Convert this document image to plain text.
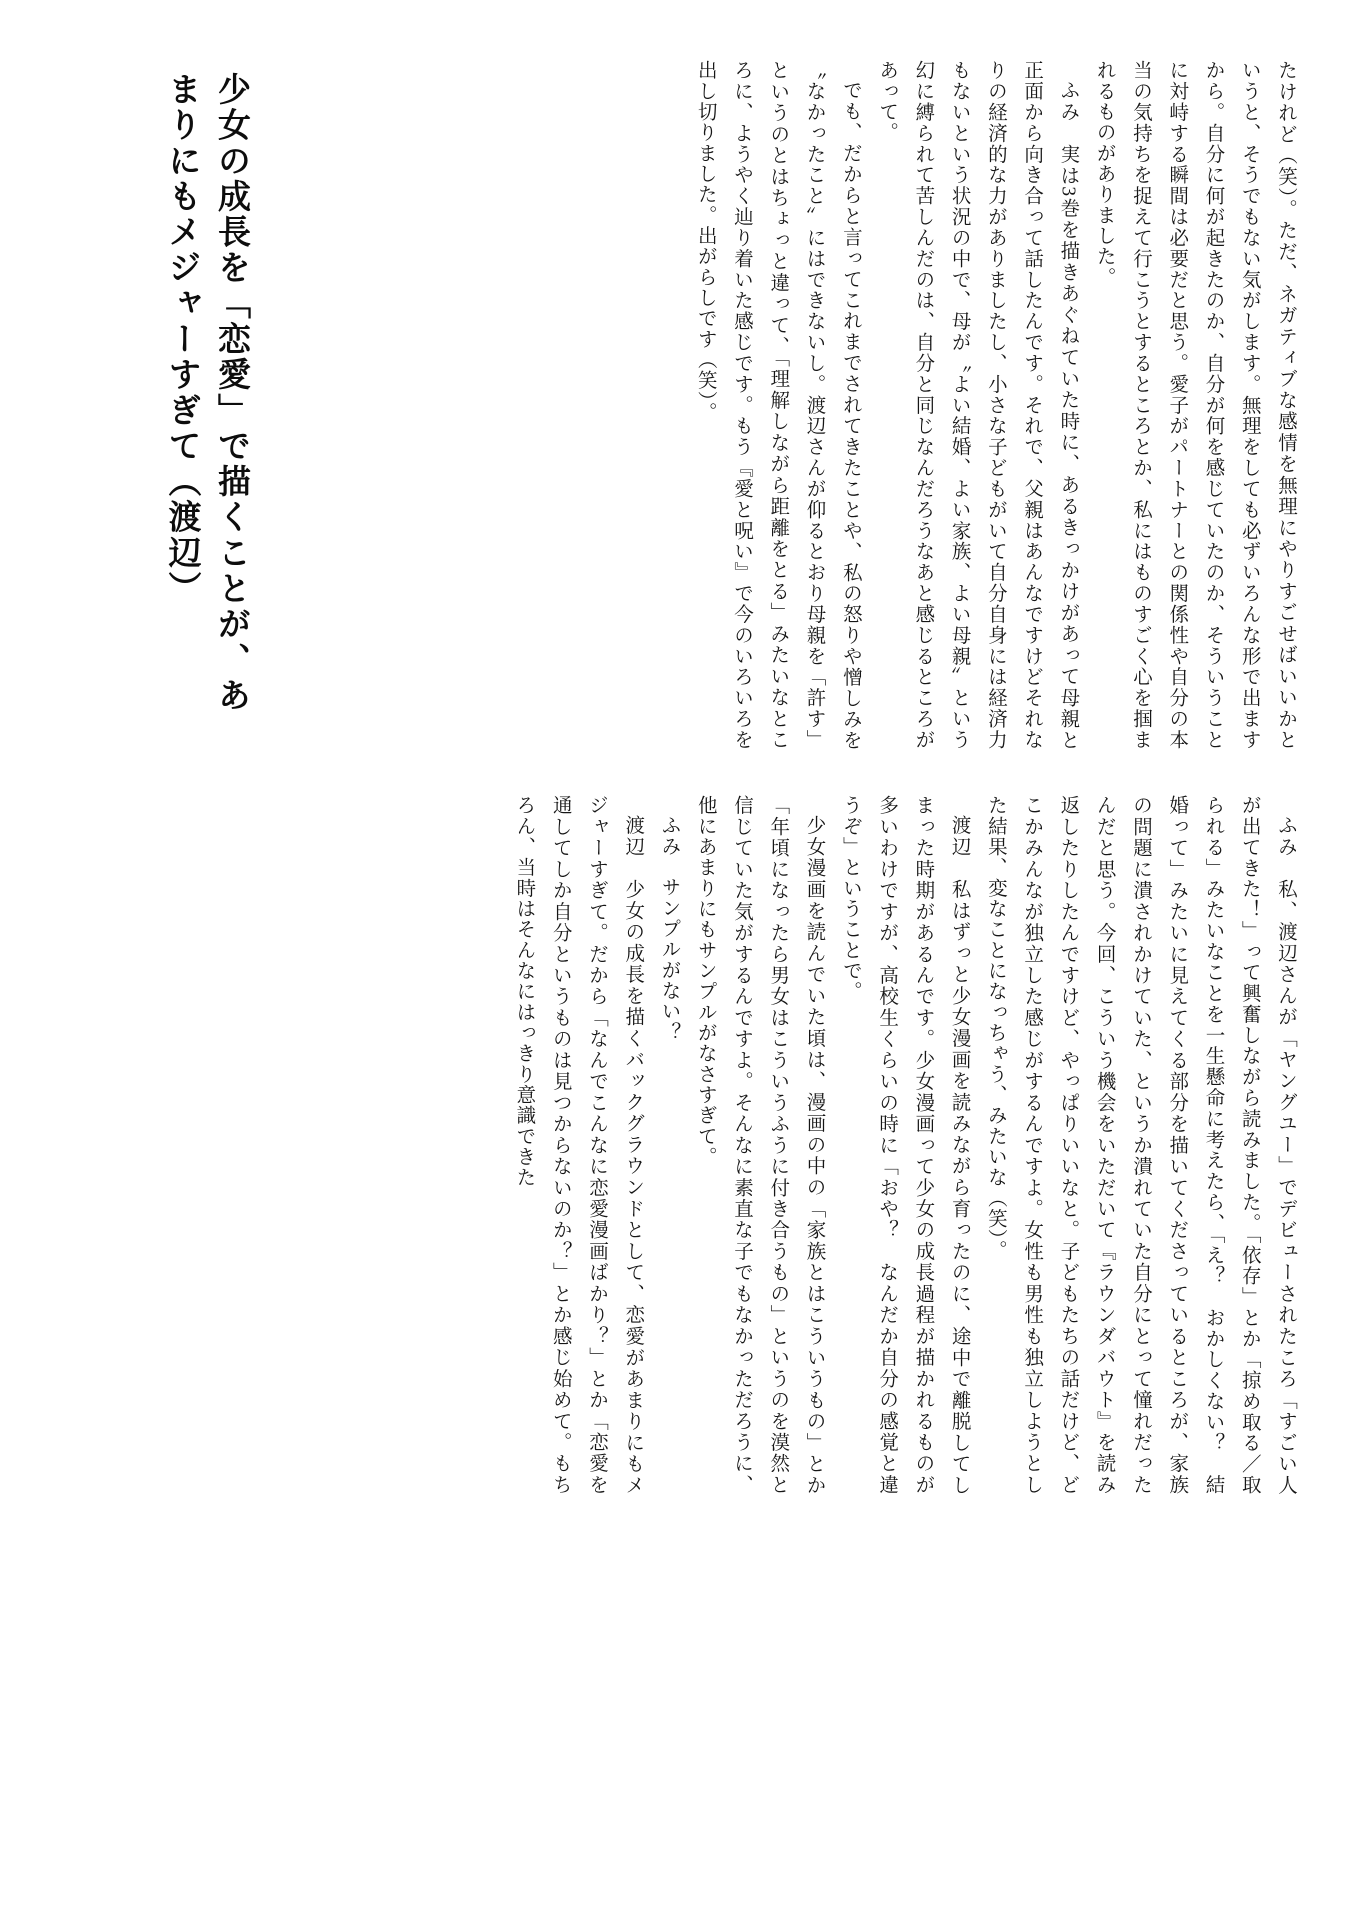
少女の成長を「恋愛」で描くことが、あまりにもメジャーすぎて（渡辺）	たけれど（笑）。ただ、ネガティブな感情を無理にやりすごせばいいかというと、そうでもない気がします。無理をしても必ずいろんな形で出ますから。自分に何が起きたのか、自分が何を感じていたのか、そういうことに対峙する瞬間は必要だと思う。愛子がパートナーとの関係性や自分の本当の気持ちを捉えて行こうとするところとか、私にはものすごく心を掴まれるものがありました。

ふみ　実は3巻を描きあぐねていた時に、あるきっかけがあって母親と正面から向き合って話したんです。それで、父親はあんなですけどそれなりの経済的な力がありましたし、小さな子どもがいて自分自身には経済力もないという状況の中で、母が〝よい結婚、よい家族、よい母親〟という幻に縛られて苦しんだのは、自分と同じなんだろうなあと感じるところがあって。

でも、だからと言ってこれまでされてきたことや、私の怒りや憎しみを〝なかったこと〟にはできないし。渡辺さんが仰るとおり母親を「許す」というのとはちょっと違って、「理解しながら距離をとる」みたいなところに、ようやく辿り着いた感じです。もう『愛と呪い』で今のいろいろを出し切りました。出がらしです（笑）。

ふみ　私、渡辺さんが「ヤングユー」でデビューされたころ「すごい人が出てきた！」って興奮しながら読みました。「依存」とか「掠め取る／取られる」みたいなことを一生懸命に考えたら、「え？　おかしくない？　結婚って」みたいに見えてくる部分を描いてくださっているところが、家族の問題に潰されかけていた、というか潰れていた自分にとって憧れだったんだと思う。今回、こういう機会をいただいて『ラウンダバウト』を読み返したりしたんですけど、やっぱりいいなと。子どもたちの話だけど、どこかみんなが独立した感じがするんですよ。女性も男性も独立しようとした結果、変なことになっちゃう、みたいな（笑）。

渡辺　私はずっと少女漫画を読みながら育ったのに、途中で離脱してしまった時期があるんです。少女漫画って少女の成長過程が描かれるものが多いわけですが、高校生くらいの時に「おや？　なんだか自分の感覚と違うぞ」ということで。

少女漫画を読んでいた頃は、漫画の中の「家族とはこういうもの」とか「年頃になったら男女はこういうふうに付き合うもの」というのを漠然と信じていた気がするんですよ。そんなに素直な子でもなかっただろうに、他にあまりにもサンプルがなさすぎて。

ふみ　サンプルがない？

渡辺　少女の成長を描くバックグラウンドとして、恋愛があまりにもメジャーすぎて。だから「なんでこんなに恋愛漫画ばかり？」とか「恋愛を通してしか自分というものは見つからないのか？」とか感じ始めて。もちろん、当時はそんなにはっきり意識できた
